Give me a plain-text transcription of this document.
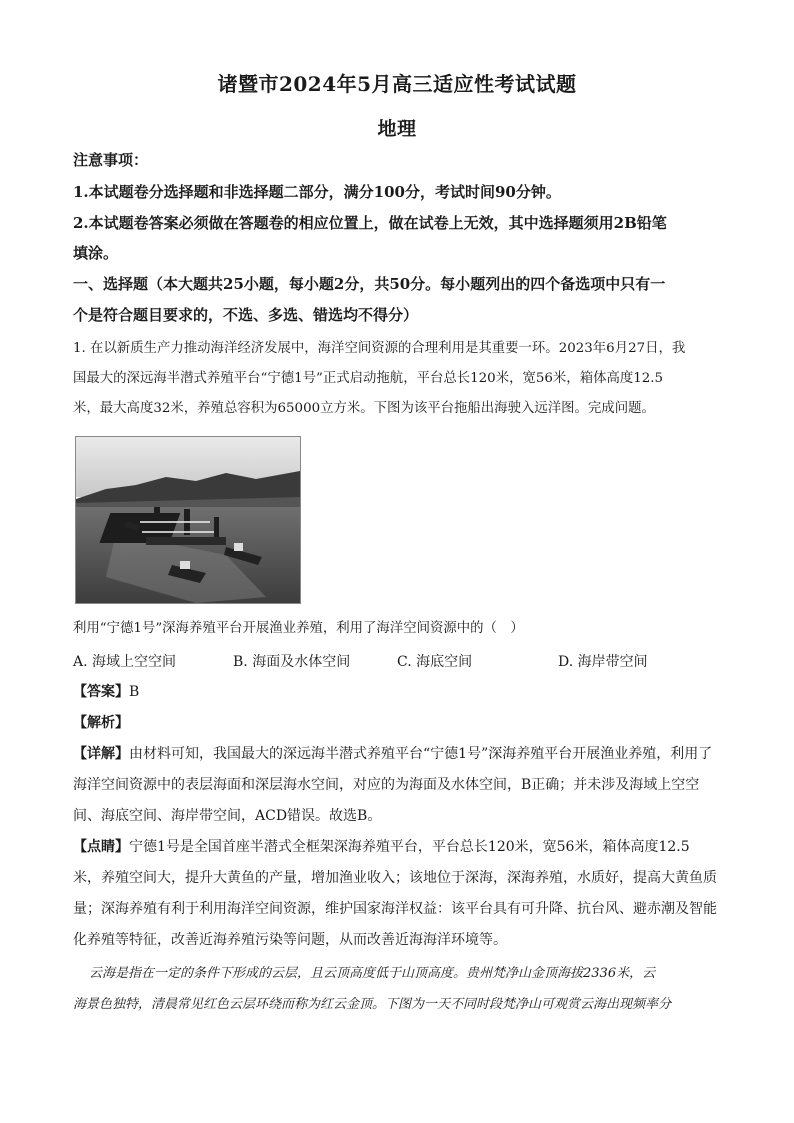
诸暨市2024年5月高三适应性考试试题
地理
注意事项：
1.本试题卷分选择题和非选择题二部分，满分100分，考试时间90分钟。
2.本试题卷答案必须做在答题卷的相应位置上，做在试卷上无效，其中选择题须用2B铅笔
填涂。
一、选择题（本大题共25小题，每小题2分，共50分。每小题列出的四个备选项中只有一
个是符合题目要求的，不选、多选、错选均不得分）
1. 在以新质生产力推动海洋经济发展中，海洋空间资源的合理利用是其重要一环。2023年6月27日，我
国最大的深远海半潜式养殖平台“宁德1号”正式启动拖航，平台总长120米，宽56米，箱体高度12.5
米，最大高度32米，养殖总容积为65000立方米。下图为该平台拖船出海驶入远洋图。完成问题。
利用“宁德1号”深海养殖平台开展渔业养殖，利用了海洋空间资源中的（　）
A. 海域上空空间	B. 海面及水体空间	C. 海底空间	D. 海岸带空间
【答案】B
【解析】
【详解】由材料可知，我国最大的深远海半潜式养殖平台“宁德1号”深海养殖平台开展渔业养殖，利用了
海洋空间资源中的表层海面和深层海水空间，对应的为海面及水体空间，B正确；并未涉及海域上空空
间、海底空间、海岸带空间，ACD错误。故选B。
【点睛】宁德1号是全国首座半潜式全框架深海养殖平台，平台总长120米，宽56米，箱体高度12.5
米，养殖空间大，提升大黄鱼的产量，增加渔业收入；该地位于深海，深海养殖，水质好，提高大黄鱼质
量；深海养殖有利于利用海洋空间资源，维护国家海洋权益：该平台具有可升降、抗台风、避赤潮及智能
化养殖等特征，改善近海养殖污染等问题，从而改善近海海洋环境等。
云海是指在一定的条件下形成的云层，且云顶高度低于山顶高度。贵州梵净山金顶海拔2336米，云
海景色独特，清晨常见红色云层环绕而称为红云金顶。下图为一天不同时段梵净山可观赏云海出现频率分
